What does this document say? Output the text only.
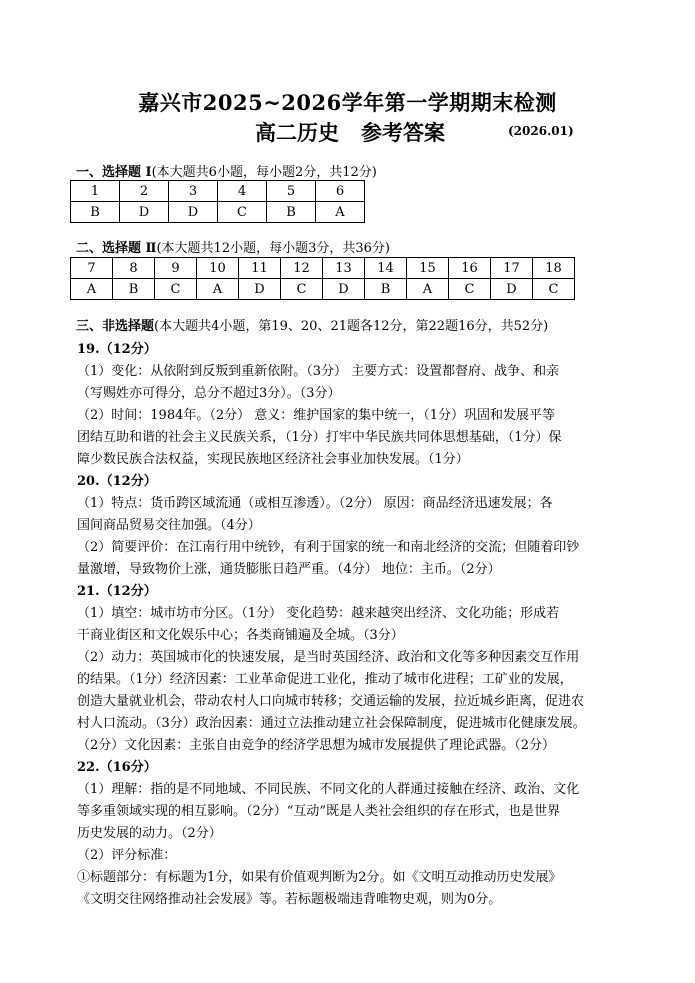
嘉兴市2025~2026学年第一学期期末检测
高二历史 参考答案	(2026.01)
一、选择题 Ⅰ(本大题共6小题，每小题2分，共12分)
1	2	3	4	5	6
B	D	D	C	B	A
二、选择题 Ⅱ(本大题共12小题，每小题3分，共36分)
7	8	9	10	11	12	13	14	15	16	17	18
A	B	C	A	D	C	D	B	A	C	D	C
三、非选择题(本大题共4小题，第19、20、21题各12分，第22题16分，共52分)
19.（12分）
（1）变化：从依附到反叛到重新依附。（3分） 主要方式：设置都督府、战争、和亲
（写赐姓亦可得分，总分不超过3分）。（3分）
（2）时间：1984年。（2分） 意义：维护国家的集中统一，（1分）巩固和发展平等
团结互助和谐的社会主义民族关系，（1分）打牢中华民族共同体思想基础，（1分）保
障少数民族合法权益，实现民族地区经济社会事业加快发展。（1分）
20.（12分）
（1）特点：货币跨区域流通（或相互渗透）。（2分） 原因：商品经济迅速发展；各
国间商品贸易交往加强。（4分）
（2）简要评价：在江南行用中统钞，有利于国家的统一和南北经济的交流；但随着印钞
量激增，导致物价上涨，通货膨胀日趋严重。（4分） 地位：主币。（2分）
21.（12分）
（1）填空：城市坊市分区。（1分） 变化趋势：越来越突出经济、文化功能；形成若
干商业街区和文化娱乐中心；各类商铺遍及全城。（3分）
（2）动力：英国城市化的快速发展，是当时英国经济、政治和文化等多种因素交互作用
的结果。（1分）经济因素：工业革命促进工业化，推动了城市化进程；工矿业的发展，
创造大量就业机会，带动农村人口向城市转移；交通运输的发展，拉近城乡距离，促进农
村人口流动。（3分）政治因素：通过立法推动建立社会保障制度，促进城市化健康发展。
（2分）文化因素：主张自由竞争的经济学思想为城市发展提供了理论武器。（2分）
22.（16分）
（1）理解：指的是不同地域、不同民族、不同文化的人群通过接触在经济、政治、文化
等多重领域实现的相互影响。（2分）“互动”既是人类社会组织的存在形式，也是世界
历史发展的动力。（2分）
（2）评分标准：
①标题部分：有标题为1分，如果有价值观判断为2分。如《文明互动推动历史发展》
《文明交往网络推动社会发展》等。若标题极端违背唯物史观，则为0分。
